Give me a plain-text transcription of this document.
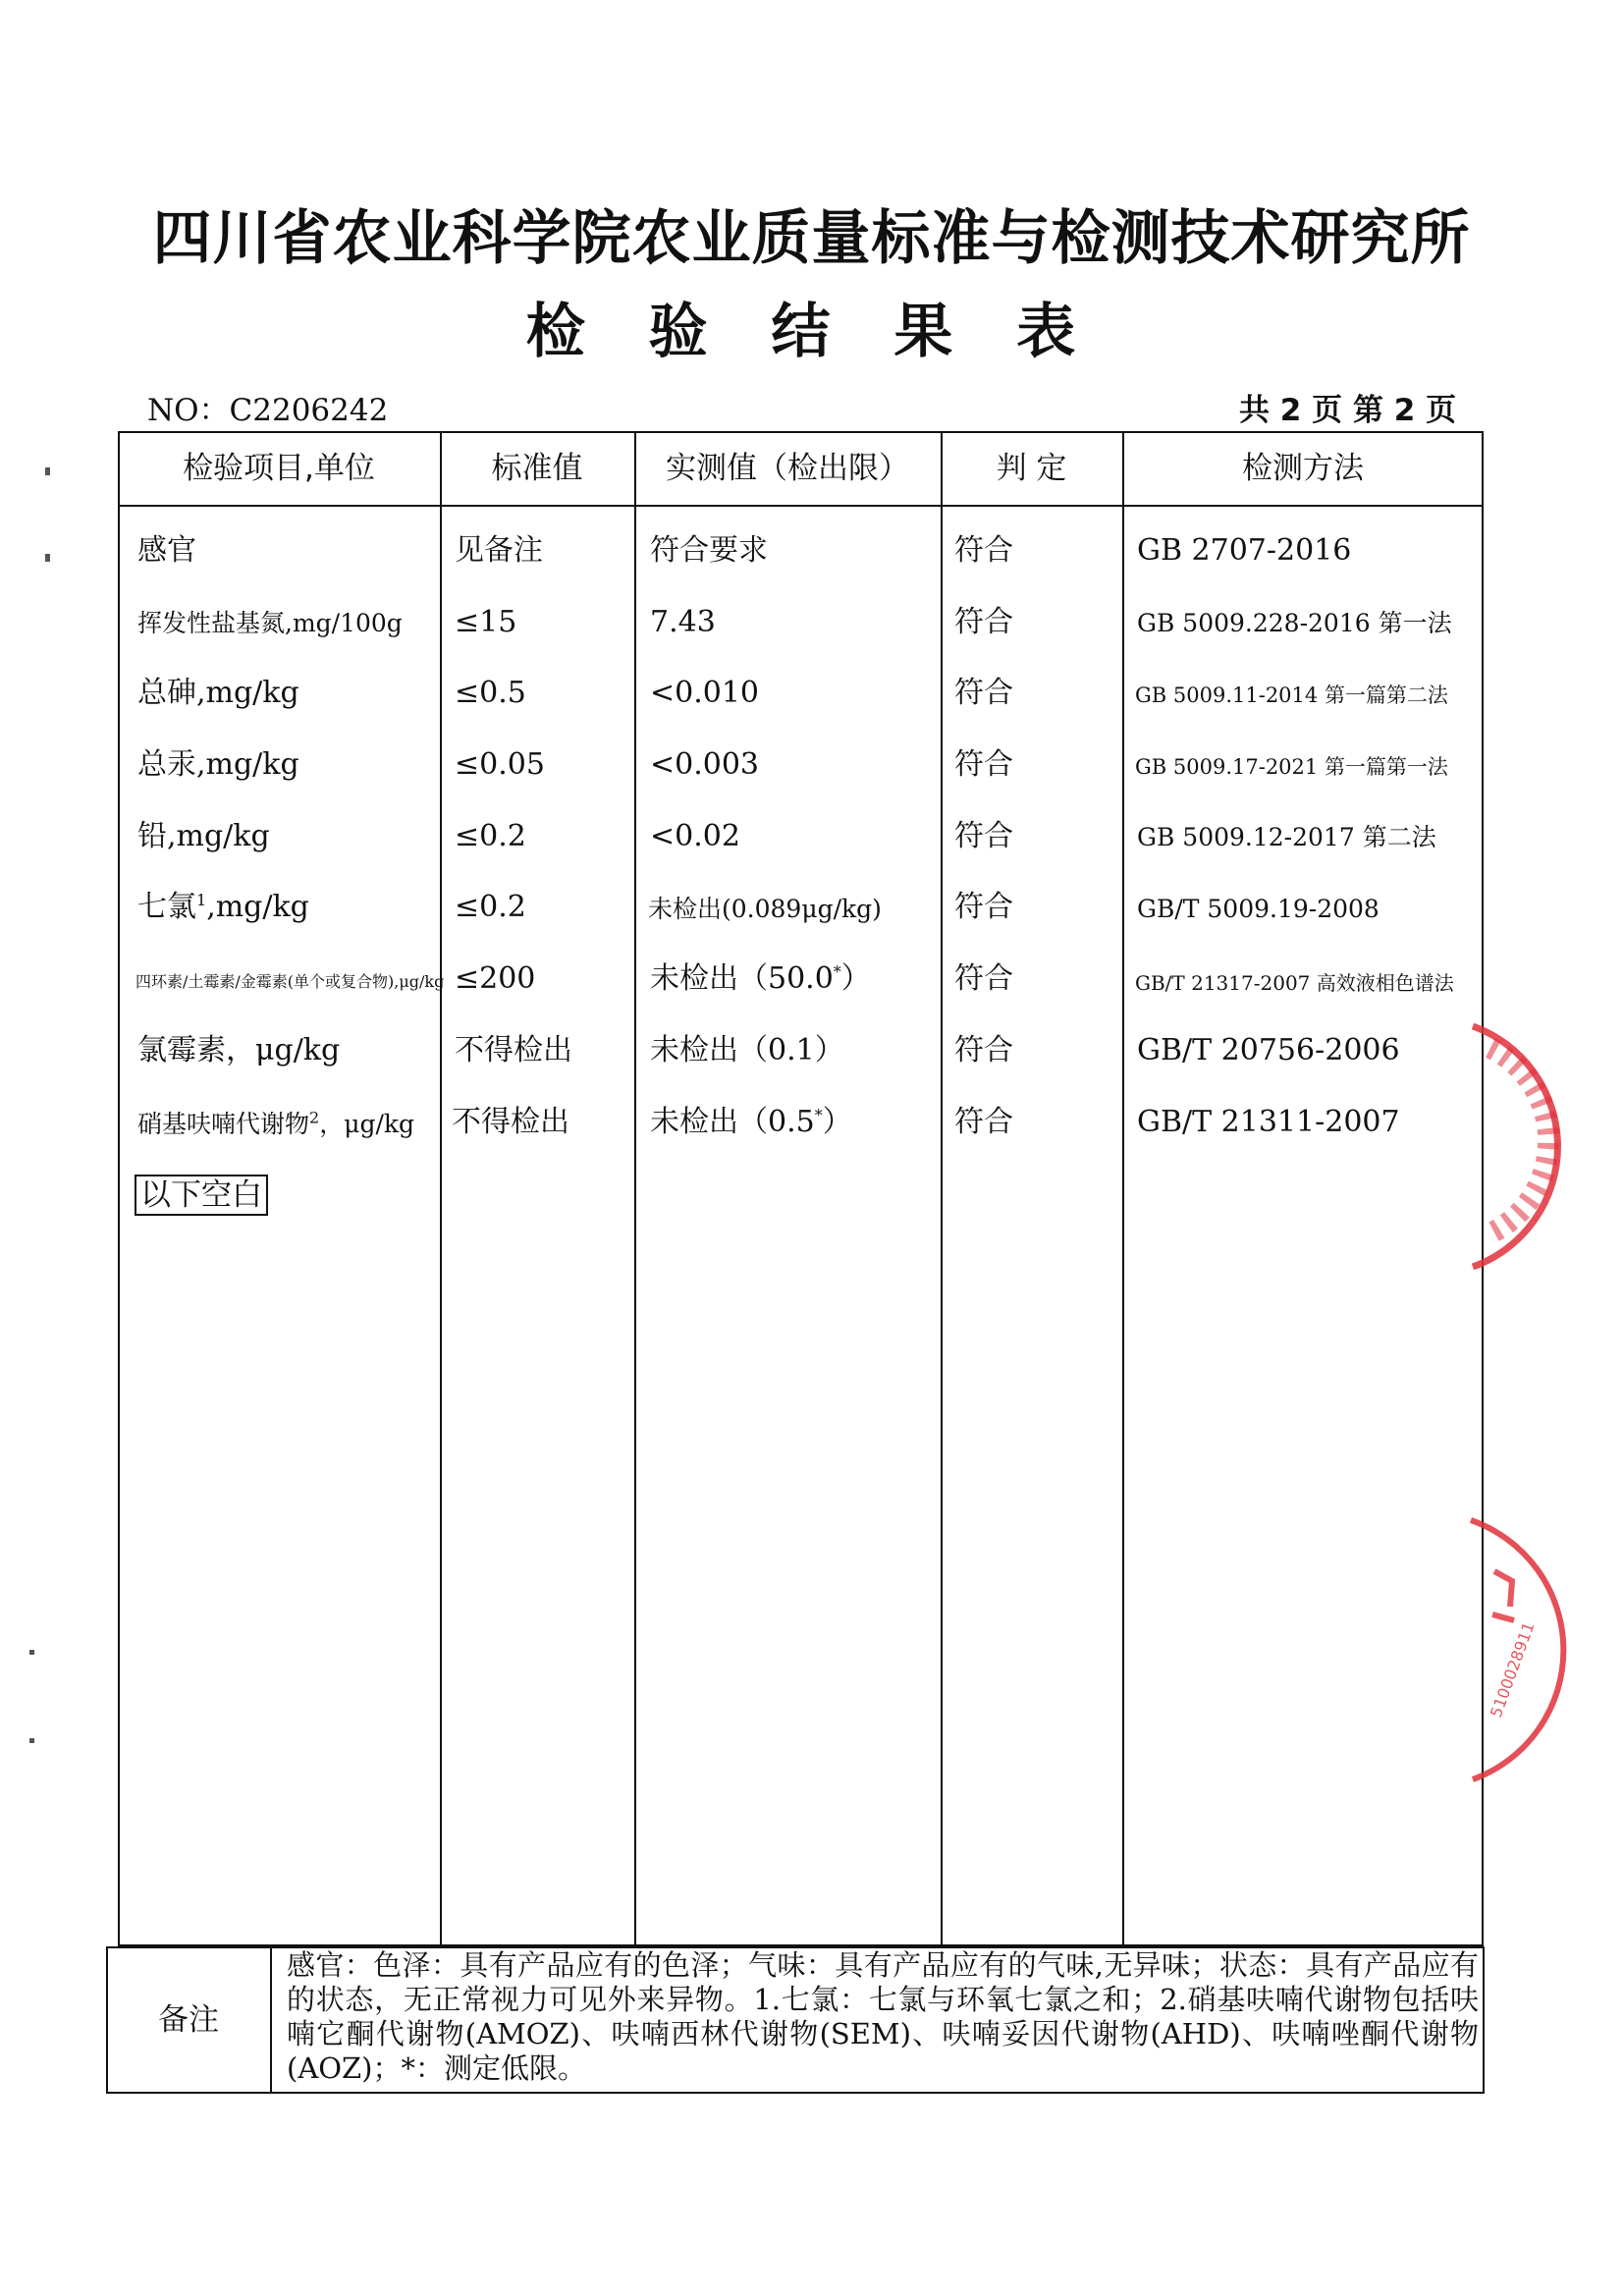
四川省农业科学院农业质量标准与检测技术研究所
检 验 结 果 表
NO：C2206242	共 2 页 第 2 页
检验项目,单位	标准值	实测值（检出限）	判 定	检测方法
感官	见备注	符合要求	符合	GB 2707-2016
挥发性盐基氮,mg/100g ≤15	7.43	符合	GB 5009.228-2016 第一法
总砷,mg/kg	≤0.5	<0.010	符合	GB 5009.11-2014 第一篇第二法
总汞,mg/kg	≤0.05	<0.003	符合	GB 5009.17-2021 第一篇第一法
铅,mg/kg	≤0.2	<0.02	符合	GB 5009.12-2017 第二法
七氯$^1$,mg/kg	≤0.2	未检出(0.089μg/kg) 符合	GB/T 5009.19-2008
四环素/土霉素/金霉素(单个或复合物),μg/kg ≤200	未检出（50.0*）	符合	GB/T 21317-2007 高效液相色谱法
氯霉素，μg/kg	不得检出	未检出（0.1）	符合	GB/T 20756-2006
硝基呋喃代谢物$^2$，μg/kg 不得检出	未检出（0.5*）	符合	GB/T 21311-2007
以下空白
备注
感官：色泽：具有产品应有的色泽；气味：具有产品应有的气味,无异味；状态：具有产品应有的状态，无正常视力可见外来异物。1.七氯：七氯与环氧七氯之和；2.硝基呋喃代谢物包括呋喃它酮代谢物(AMOZ)、呋喃西林代谢物(SEM)、呋喃妥因代谢物(AHD)、呋喃唑酮代谢物(AOZ)；*：测定低限。
5100028911
